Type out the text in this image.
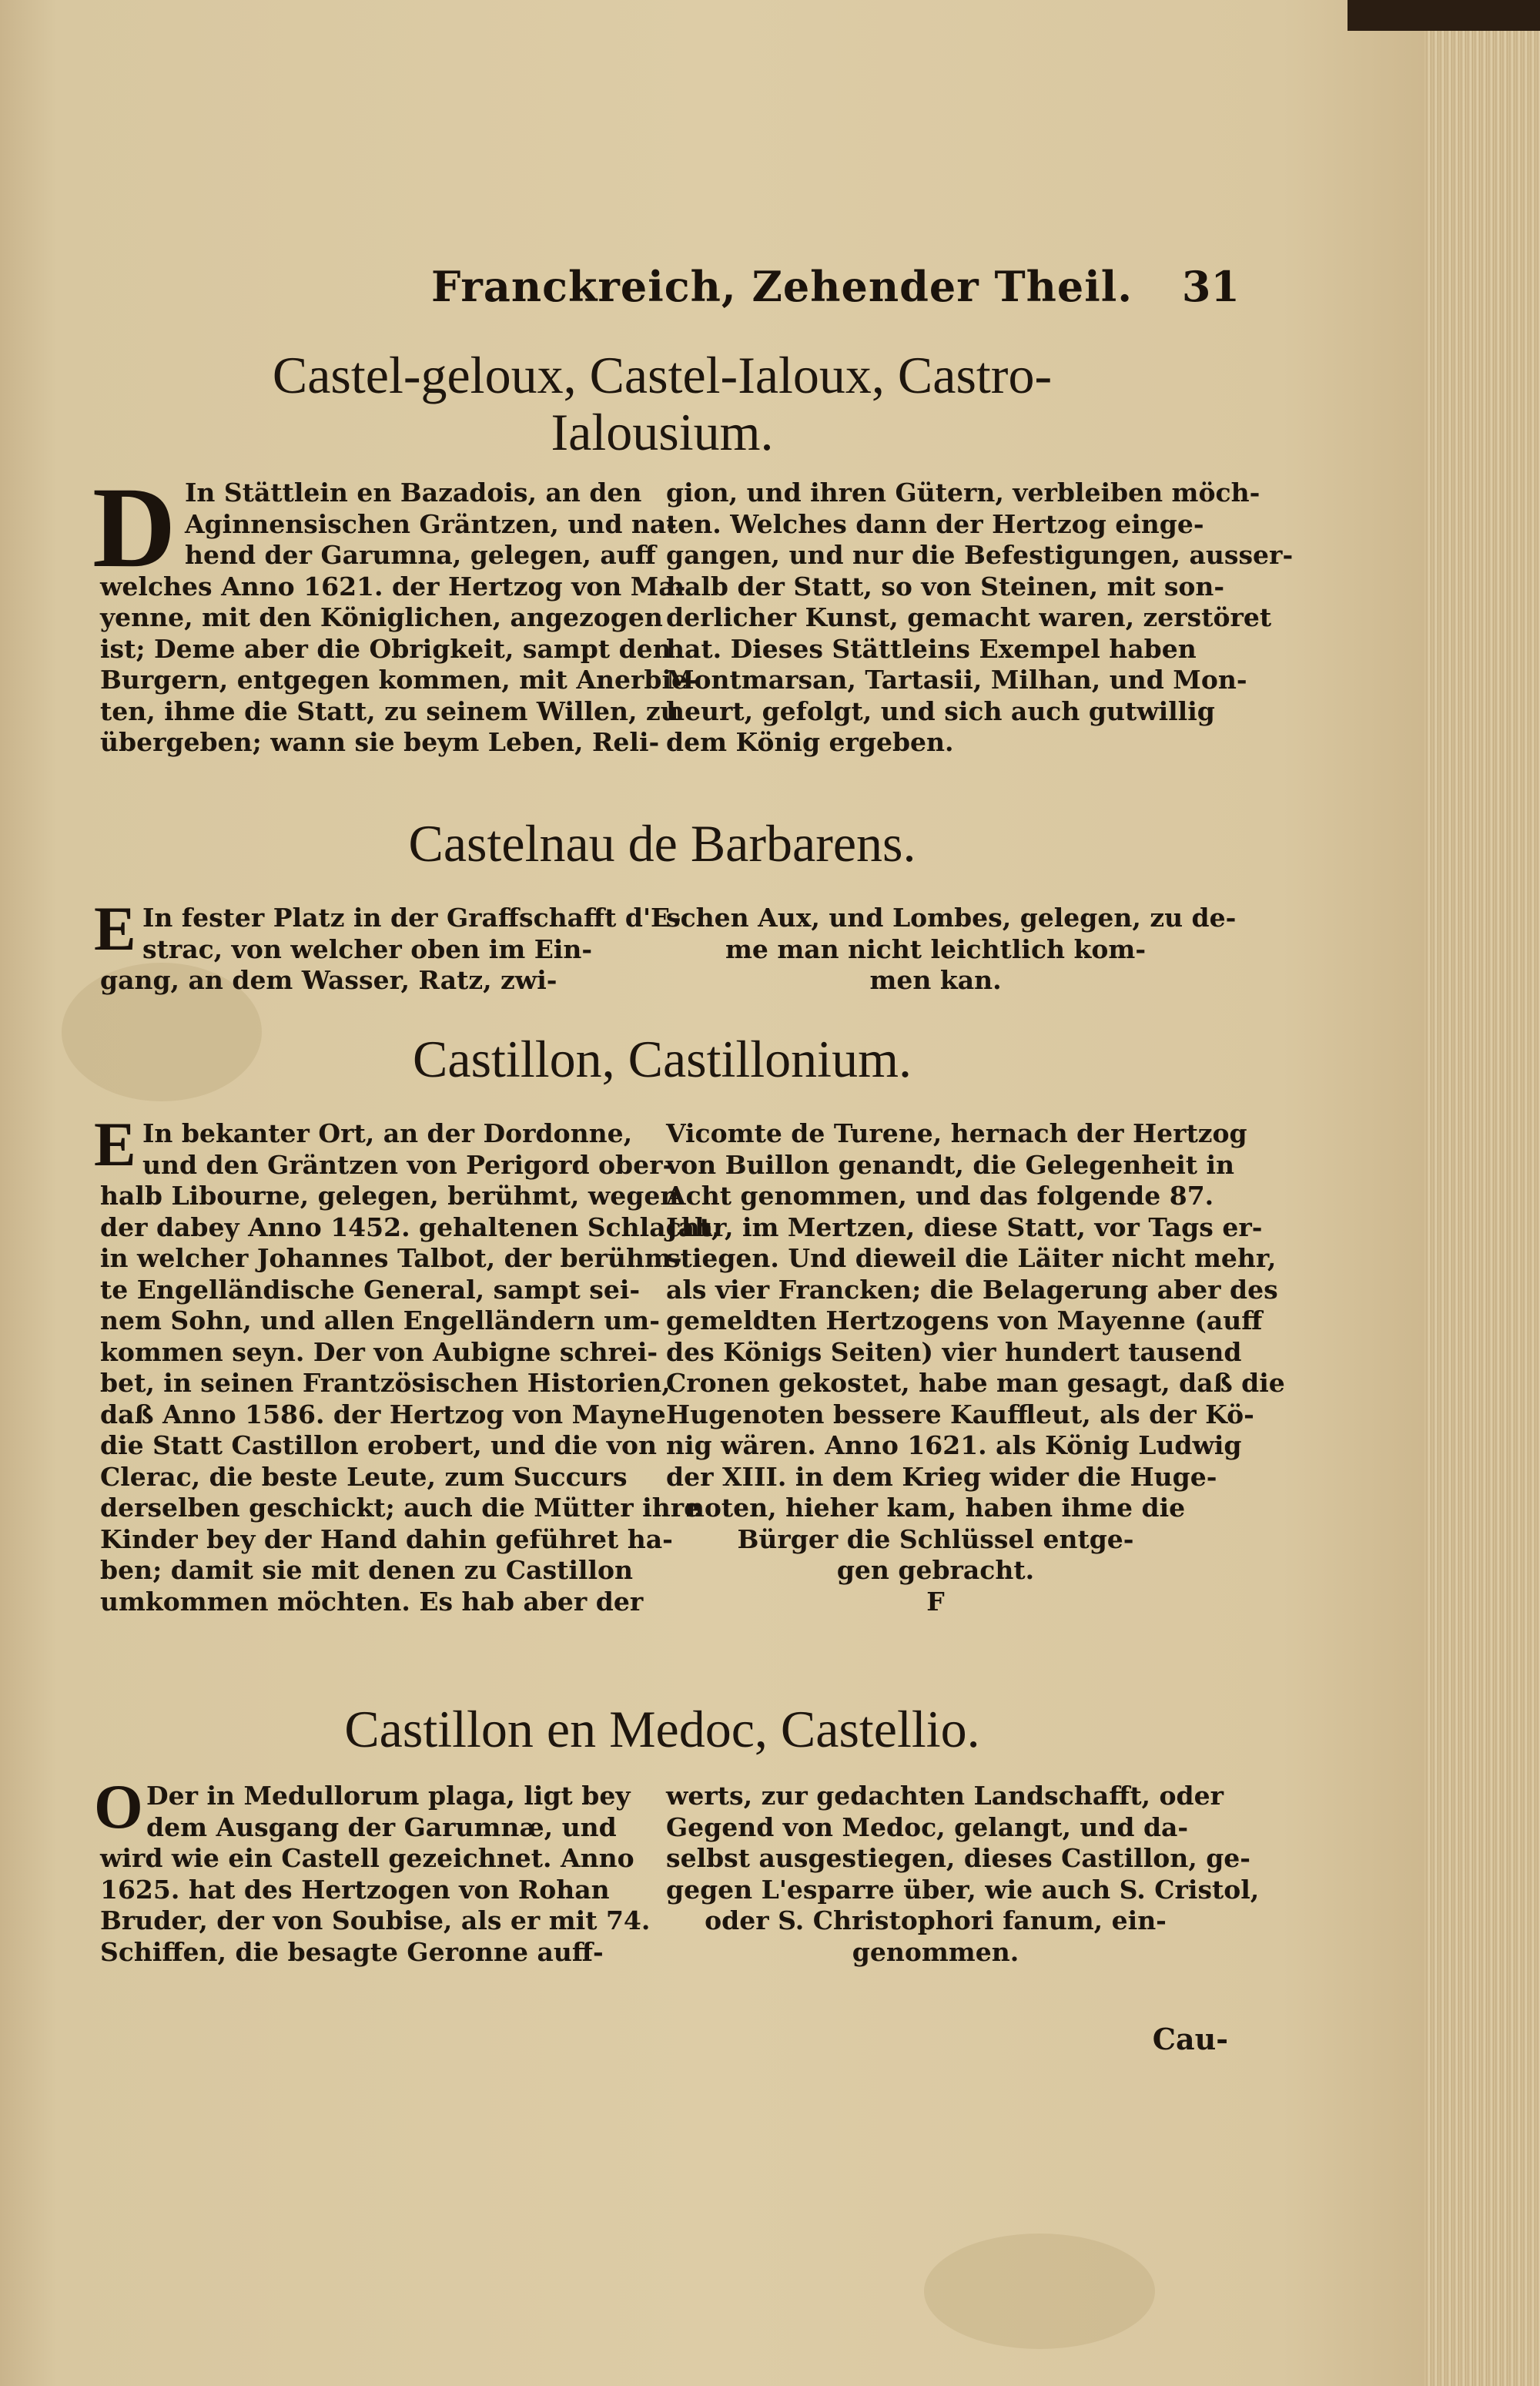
Franckreich, Zehender Theil. 31
Castel-geloux, Castel-Ialoux, Castro-
Ialousium.
D In Stättlein en Bazadois, an den
Aginnensischen Gräntzen, und na-
hend der Garumna, gelegen, auff
welches Anno 1621. der Hertzog von Ma-
yenne, mit den Königlichen, angezogen
ist; Deme aber die Obrigkeit, sampt den
Burgern, entgegen kommen, mit Anerbie-
ten, ihme die Statt, zu seinem Willen, zu
übergeben; wann sie beym Leben, Reli-
gion, und ihren Gütern, verbleiben möch-
ten. Welches dann der Hertzog einge-
gangen, und nur die Befestigungen, ausser-
halb der Statt, so von Steinen, mit son-
derlicher Kunst, gemacht waren, zerstöret
hat. Dieses Stättleins Exempel haben
Montmarsan, Tartasii, Milhan, und Mon-
heurt, gefolgt, und sich auch gutwillig
dem König ergeben.
Castelnau de Barbarens.
E In fester Platz in der Graffschafft d'E-
strac, von welcher oben im Ein-
gang, an dem Wasser, Ratz, zwi-
schen Aux, und Lombes, gelegen, zu de-
me man nicht leichtlich kom-
men kan.
Castillon, Castillonium.
E In bekanter Ort, an der Dordonne,
und den Gräntzen von Perigord ober-
halb Libourne, gelegen, berühmt, wegen
der dabey Anno 1452. gehaltenen Schlacht,
in welcher Johannes Talbot, der berühm-
te Engelländische General, sampt sei-
nem Sohn, und allen Engelländern um-
kommen seyn. Der von Aubigne schrei-
bet, in seinen Frantzösischen Historien,
daß Anno 1586. der Hertzog von Mayne
die Statt Castillon erobert, und die von
Clerac, die beste Leute, zum Succurs
derselben geschickt; auch die Mütter ihre
Kinder bey der Hand dahin geführet ha-
ben; damit sie mit denen zu Castillon
umkommen möchten. Es hab aber der
Vicomte de Turene, hernach der Hertzog
von Buillon genandt, die Gelegenheit in
Acht genommen, und das folgende 87.
Jahr, im Mertzen, diese Statt, vor Tags er-
stiegen. Und dieweil die Läiter nicht mehr,
als vier Francken; die Belagerung aber des
gemeldten Hertzogens von Mayenne (auff
des Königs Seiten) vier hundert tausend
Cronen gekostet, habe man gesagt, daß die
Hugenoten bessere Kauffleut, als der Kö-
nig wären. Anno 1621. als König Ludwig
der XIII. in dem Krieg wider die Huge-
noten, hieher kam, haben ihme die
Bürger die Schlüssel entge-
gen gebracht.
F
Castillon en Medoc, Castellio.
O Der in Medullorum plaga, ligt bey
dem Ausgang der Garumnæ, und
wird wie ein Castell gezeichnet. Anno
1625. hat des Hertzogen von Rohan
Bruder, der von Soubise, als er mit 74.
Schiffen, die besagte Geronne auff-
werts, zur gedachten Landschafft, oder
Gegend von Medoc, gelangt, und da-
selbst ausgestiegen, dieses Castillon, ge-
gegen L'esparre über, wie auch S. Cristol,
oder S. Christophori fanum, ein-
genommen.
Cau-
